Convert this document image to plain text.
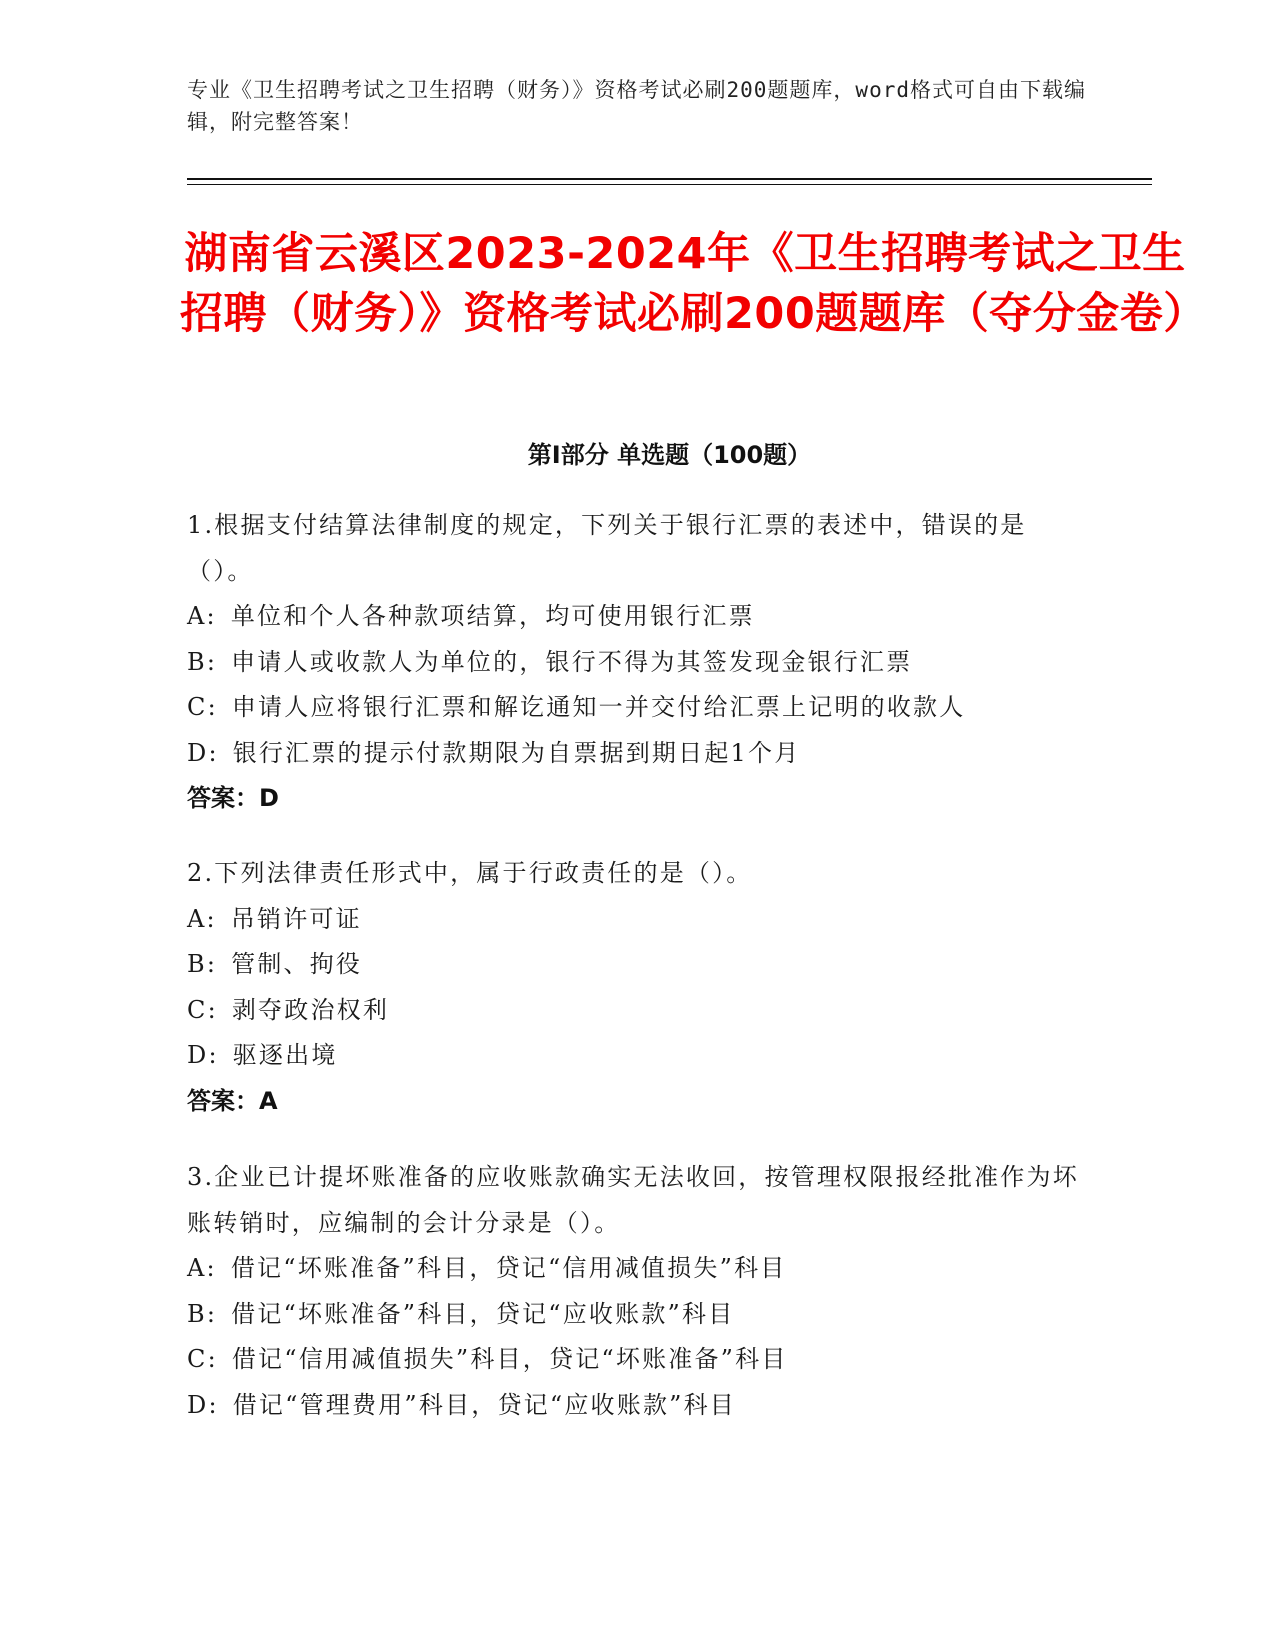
专业《卫生招聘考试之卫生招聘（财务）》资格考试必刷200题题库，word格式可自由下载编辑，附完整答案！
湖南省云溪区2023-2024年《卫生招聘考试之卫生招聘（财务）》资格考试必刷200题题库（夺分金卷）
第I部分 单选题（100题）

1.根据支付结算法律制度的规定，下列关于银行汇票的表述中，错误的是（）。

A: 单位和个人各种款项结算，均可使用银行汇票

B: 申请人或收款人为单位的，银行不得为其签发现金银行汇票

C: 申请人应将银行汇票和解讫通知一并交付给汇票上记明的收款人

D: 银行汇票的提示付款期限为自票据到期日起1个月

答案：D

2.下列法律责任形式中，属于行政责任的是（）。

A: 吊销许可证

B: 管制、拘役

C: 剥夺政治权利

D: 驱逐出境

答案：A

3.企业已计提坏账准备的应收账款确实无法收回，按管理权限报经批准作为坏账转销时，应编制的会计分录是（）。

A: 借记“坏账准备”科目，贷记“信用减值损失”科目

B: 借记“坏账准备”科目，贷记“应收账款”科目

C: 借记“信用减值损失”科目，贷记“坏账准备”科目

D: 借记“管理费用”科目，贷记“应收账款”科目
